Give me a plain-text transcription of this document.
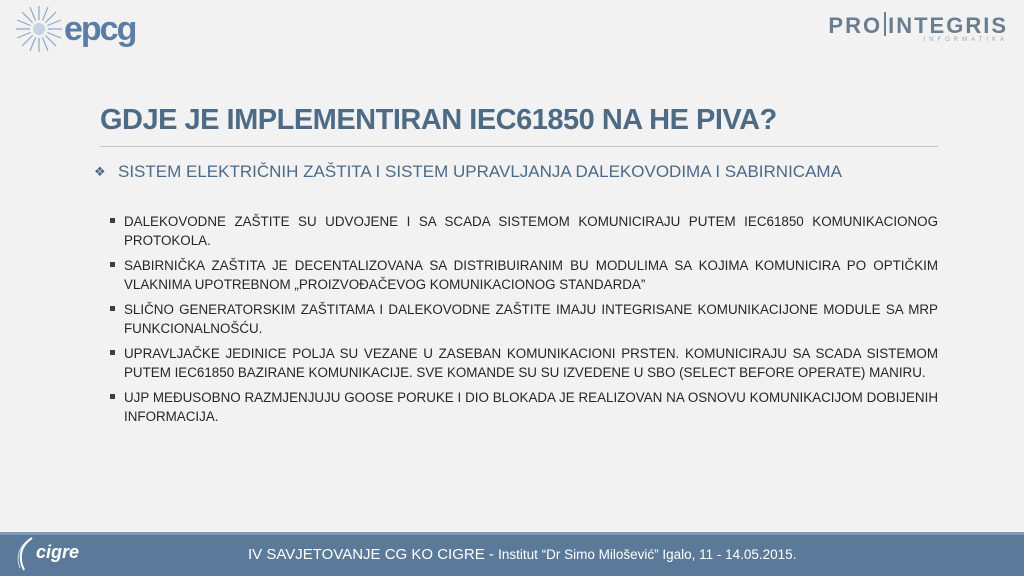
epcg	PRO INTEGRIS
INFORMATIKA
GDJE JE IMPLEMENTIRAN IEC61850 NA HE PIVA?
❖ SISTEM ELEKTRIČNIH ZAŠTITA I SISTEM UPRAVLJANJA DALEKOVODIMA I SABIRNICAMA
DALEKOVODNE ZAŠTITE SU UDVOJENE I SA SCADA SISTEMOM KOMUNICIRAJU PUTEM IEC61850 KOMUNIKACIONOG PROTOKOLA.
SABIRNIČKA ZAŠTITA JE DECENTALIZOVANA SA DISTRIBUIRANIM BU MODULIMA SA KOJIMA KOMUNICIRA PO OPTIČKIM VLAKNIMA UPOTREBNOM „PROIZVOĐAČEVOG KOMUNIKACIONOG STANDARDA”
SLIČNO GENERATORSKIM ZAŠTITAMA I DALEKOVODNE ZAŠTITE IMAJU INTEGRISANE KOMUNIKACIJONE MODULE SA MRP FUNKCIONALNOŠĆU.
UPRAVLJAČKE JEDINICE POLJA SU VEZANE U ZASEBAN KOMUNIKACIONI PRSTEN. KOMUNICIRAJU SA SCADA SISTEMOM PUTEM IEC61850 BAZIRANE KOMUNIKACIJE. SVE KOMANDE SU SU IZVEDENE U SBO (SELECT BEFORE OPERATE) MANIRU.
UJP MEĐUSOBNO RAZMJENJUJU GOOSE PORUKE I DIO BLOKADA JE REALIZOVAN NA OSNOVU KOMUNIKACIJOM DOBIJENIH INFORMACIJA.
IV SAVJETOVANJE CG KO CIGRE - Institut “Dr Simo Milošević” Igalo, 11 - 14.05.2015.
cigre
